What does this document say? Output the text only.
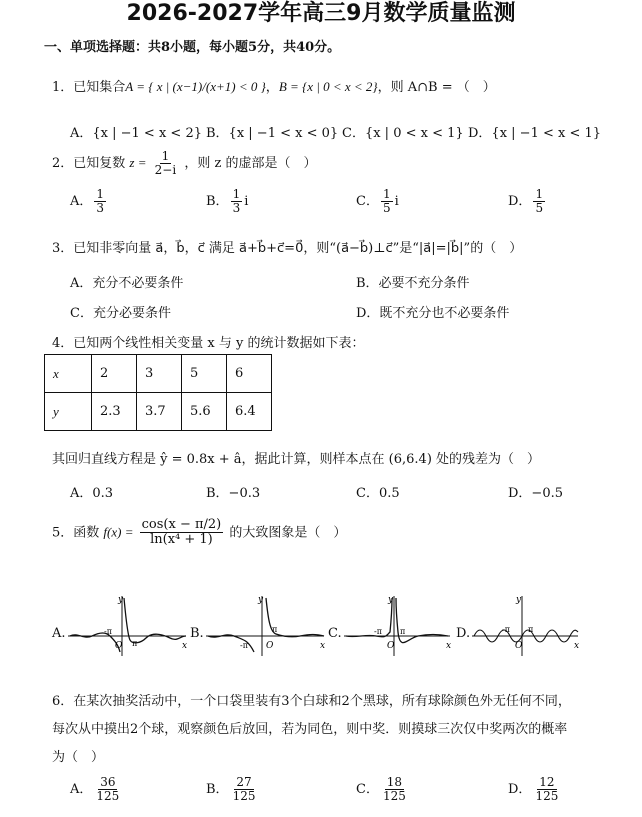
2026-2027学年高三9月数学质量监测
一、单项选择题：共8小题，每小题5分，共40分。
1．已知集合A = { x | (x−1)/(x+1) < 0 }，B = {x | 0 < x < 2}，则 A∩B = （　）
A．{x | −1 < x < 2} B．{x | −1 < x < 0} C．{x | 0 < x < 1} D．{x | −1 < x < 1}
2．已知复数 $z = \frac{1}{2-i}$ ，则 z 的虚部是（　）
A． $\frac{1}{3}$	B． $\frac{1}{3}$ i	C． $\frac{1}{5}$ i	D． $\frac{1}{5}$
3．已知非零向量 a⃗，b⃗，c⃗ 满足 a⃗+b⃗+c⃗=0⃗，则“(a⃗−b⃗)⊥c⃗”是“|a⃗|=|b⃗|”的（　）
A．充分不必要条件	B．必要不充分条件
C．充分必要条件	D．既不充分也不必要条件
4．已知两个线性相关变量 x 与 y 的统计数据如下表：
x	2	3	5	6
y	2.3	3.7	5.6	6.4
其回归直线方程是 ŷ = 0.8x + â，据此计算，则样本点在 (6,6.4) 处的残差为（　）
A．0.3	B．−0.3	C．0.5	D．−0.5
5．函数 $f(x) = \frac{\cos(x - \pi/2)}{\text{ln(x⁴ + 1)}}$ 的大致图象是（　）
A.	B.	C.	D.
y
x
O
-π
π
y
x
O
-π
π
y
x
O
-π π
y
x
O
-π π
6．在某次抽奖活动中，一个口袋里装有3个白球和2个黑球，所有球除颜色外无任何不同，
每次从中摸出2个球，观察颜色后放回，若为同色，则中奖．则摸球三次仅中奖两次的概率
为（　）
A． $\frac{36}{125}$	B． $\frac{27}{125}$	C． $\frac{18}{125}$	D． $\frac{12}{125}$
